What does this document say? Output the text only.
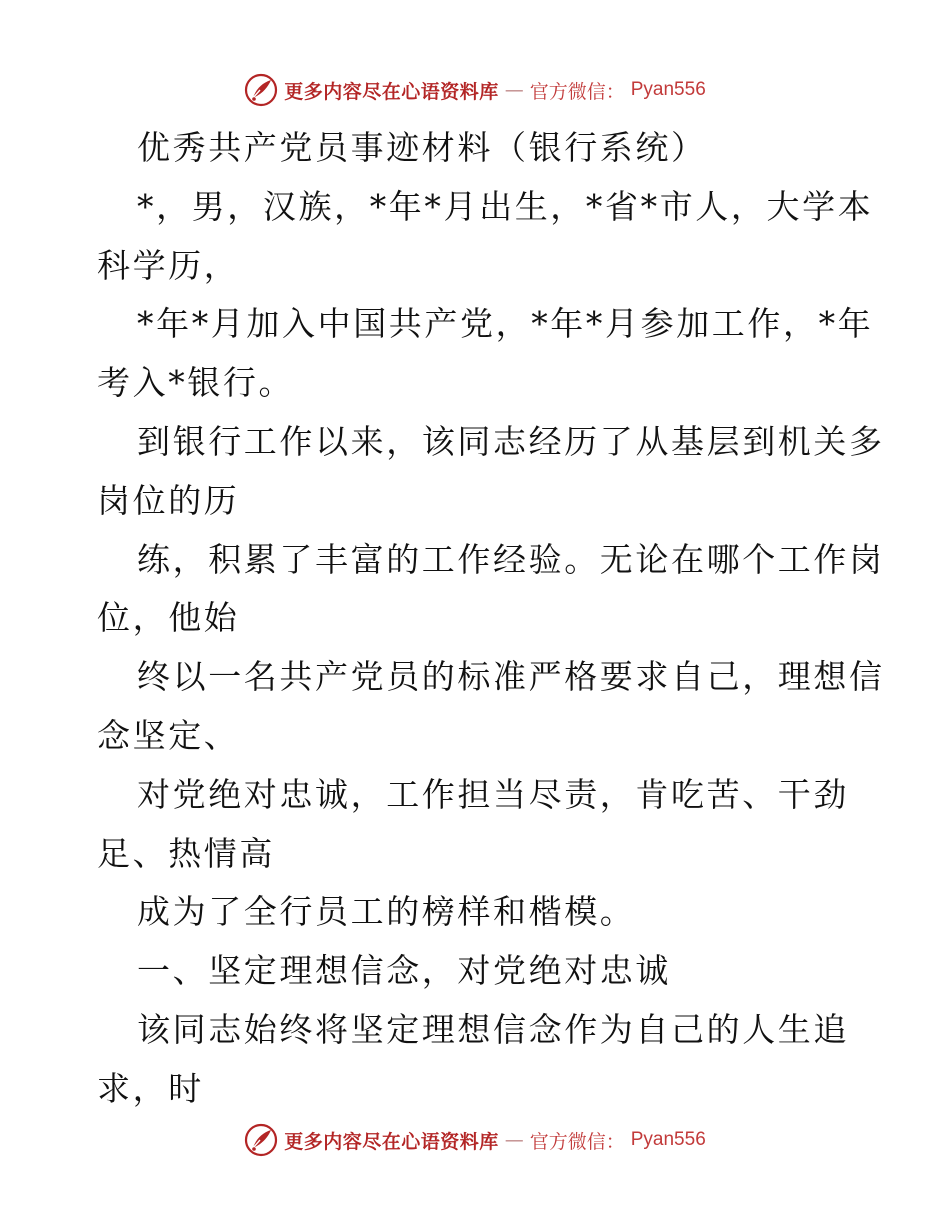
更多内容尽在心语资料库 — 官方微信： Pyan556
优秀共产党员事迹材料（银行系统）
*，男，汉族，*年*月出生，*省*市人，大学本
科学历，
*年*月加入中国共产党，*年*月参加工作，*年
考入*银行。
到银行工作以来，该同志经历了从基层到机关多
岗位的历
练，积累了丰富的工作经验。无论在哪个工作岗
位，他始
终以一名共产党员的标准严格要求自己，理想信
念坚定、
对党绝对忠诚，工作担当尽责，肯吃苦、干劲
足、热情高
成为了全行员工的榜样和楷模。
一、坚定理想信念，对党绝对忠诚
该同志始终将坚定理想信念作为自己的人生追
求，时
更多内容尽在心语资料库 — 官方微信： Pyan556
